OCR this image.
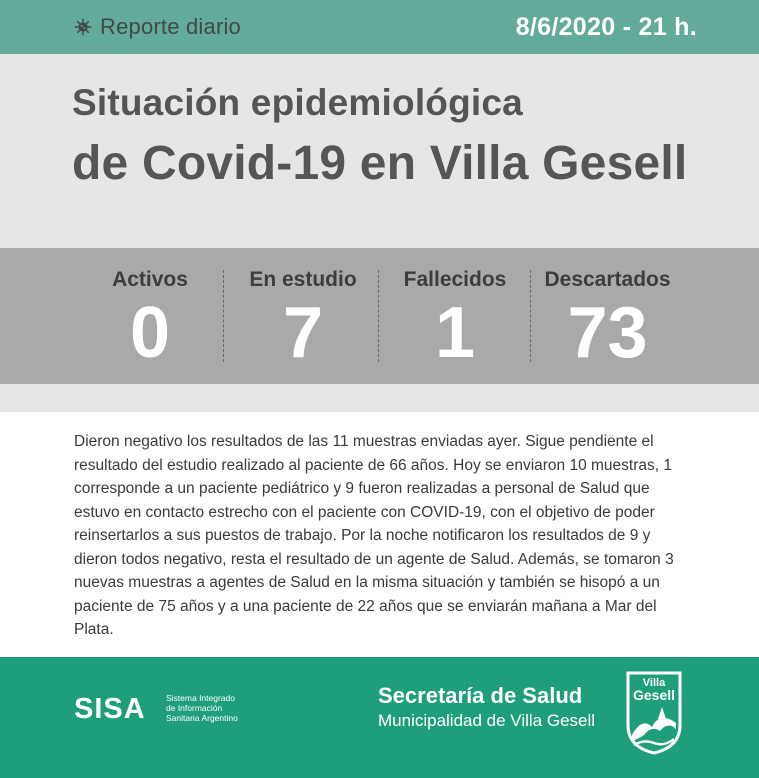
Reporte diario	8/6/2020 - 21 h.
Situación epidemiológica
de Covid-19 en Villa Gesell
Activos
0
En estudio
7
Fallecidos
1
Descartados
73

Dieron negativo los resultados de las 11 muestras enviadas ayer. Sigue pendiente el resultado del estudio realizado al paciente de 66 años. Hoy se enviaron 10 muestras, 1 corresponde a un paciente pediátrico y 9 fueron realizadas a personal de Salud que estuvo en contacto estrecho con el paciente con COVID-19, con el objetivo de poder reinsertarlos a sus puestos de trabajo. Por la noche notificaron los resultados de 9 y dieron todos negativo, resta el resultado de un agente de Salud. Además, se tomaron 3 nuevas muestras a agentes de Salud en la misma situación y también se hisopó a un paciente de 75 años y a una paciente de 22 años que se enviarán mañana a Mar del Plata.

SISA Sistema Integrado
de Información
Sanitaria Argentino
Secretaría de Salud
Municipalidad de Villa Gesell
Villa
Gesell
